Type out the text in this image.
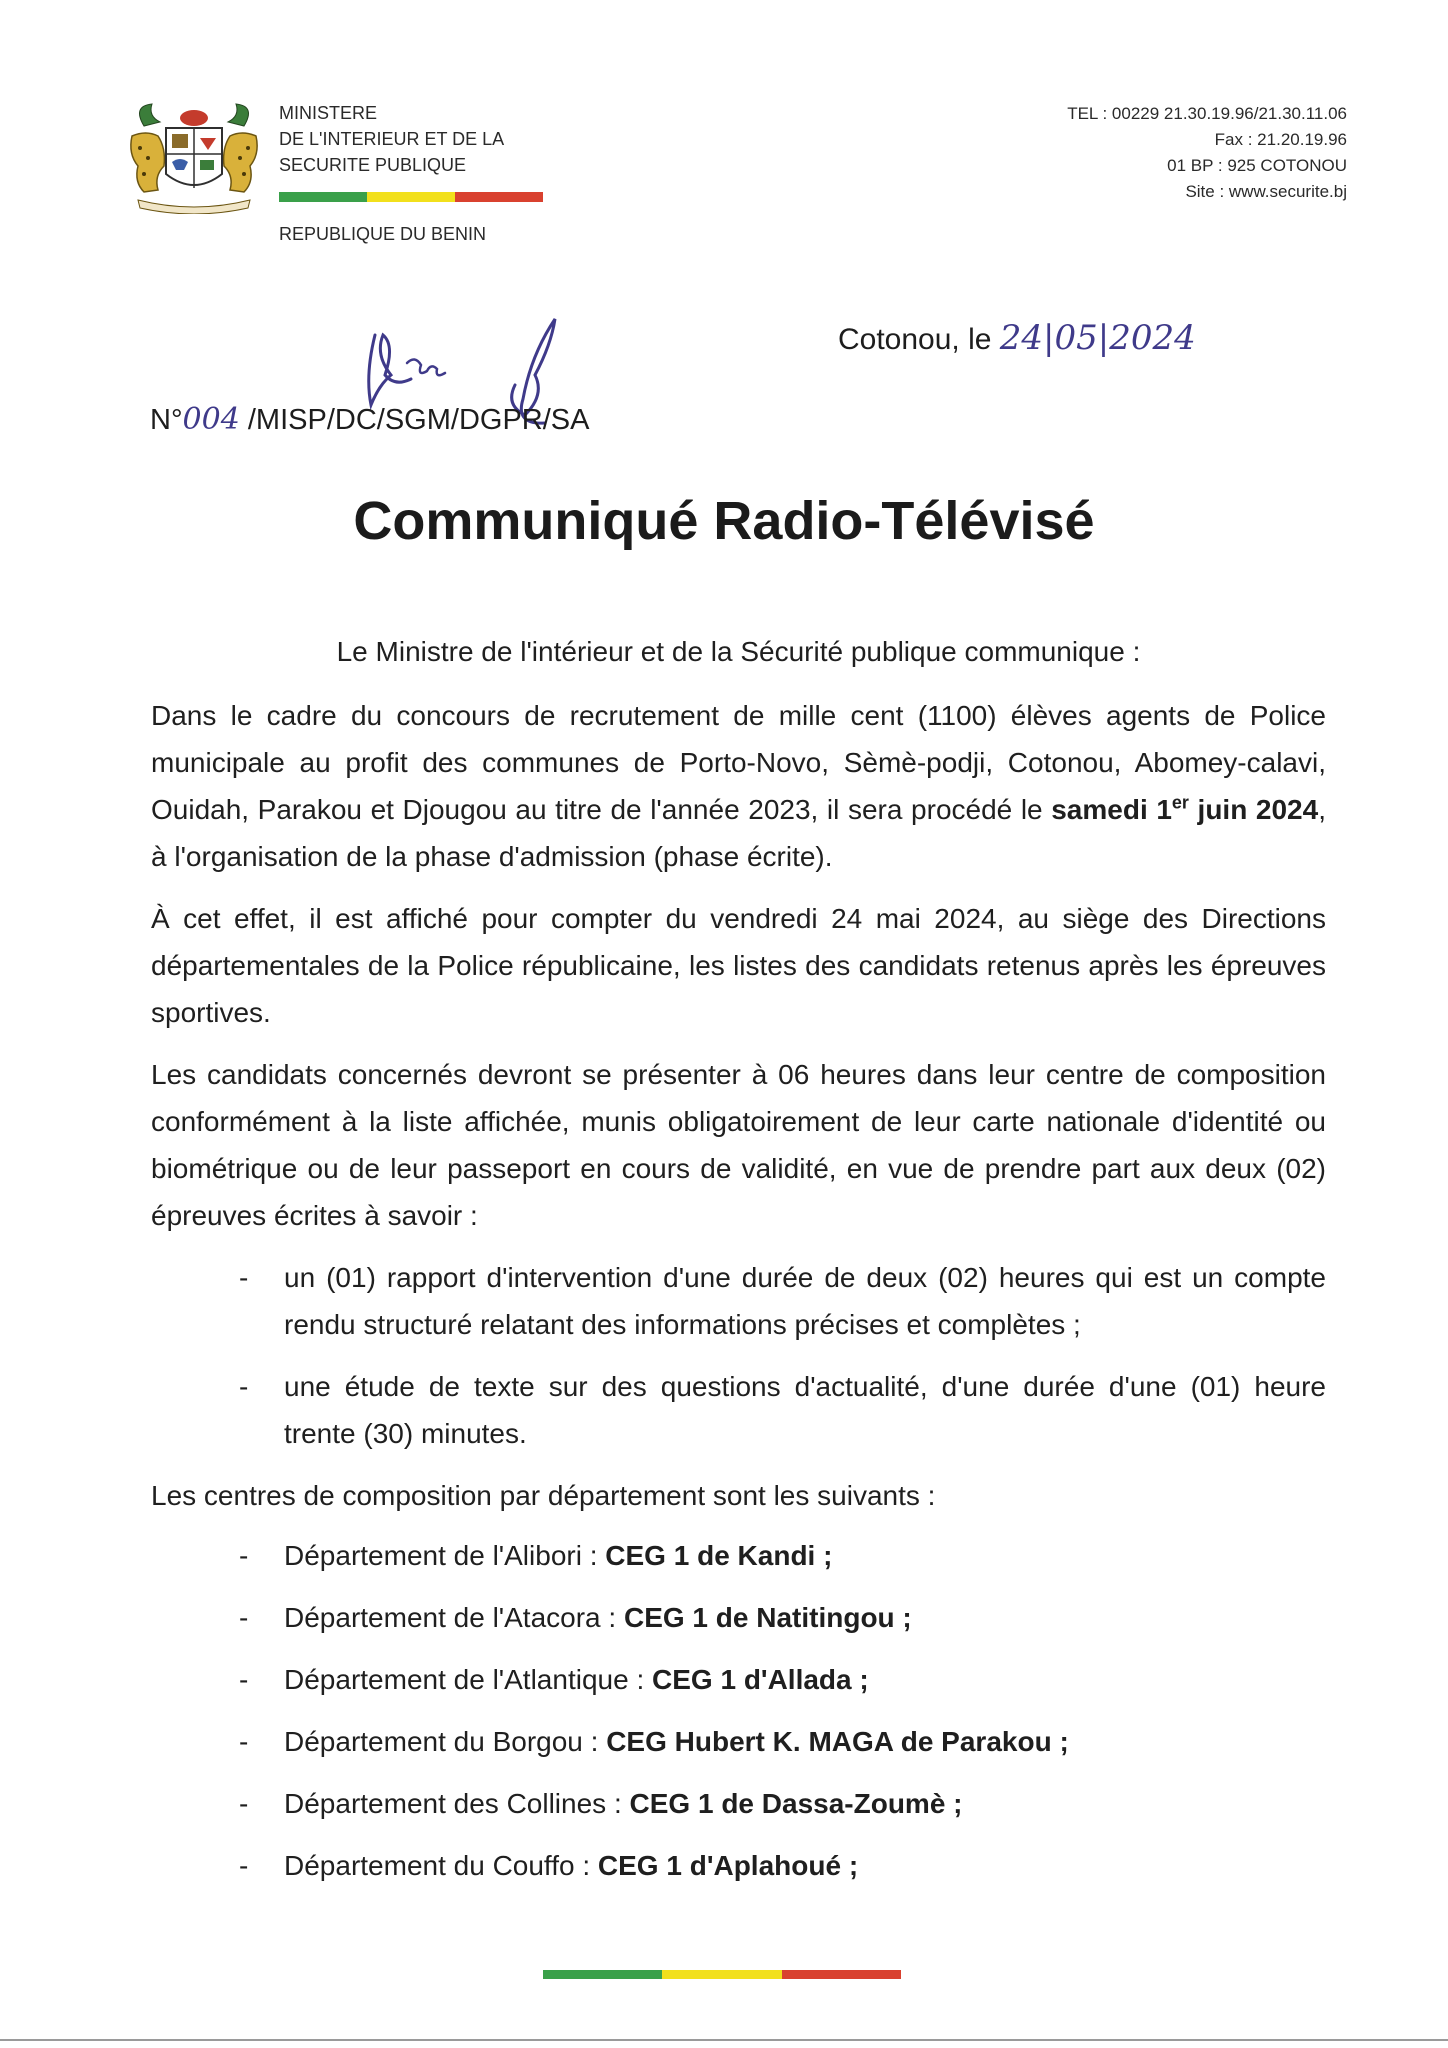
MINISTERE
DE L'INTERIEUR ET DE LA
SECURITE PUBLIQUE
REPUBLIQUE DU BENIN
TEL : 00229 21.30.19.96/21.30.11.06
Fax : 21.20.19.96
01 BP : 925 COTONOU
Site : www.securite.bj
Cotonou, le 24|05|2024
N°004 /MISP/DC/SGM/DGPR/SA
Communiqué Radio-Télévisé

Le Ministre de l'intérieur et de la Sécurité publique communique :

Dans le cadre du concours de recrutement de mille cent (1100) élèves agents de Police municipale au profit des communes de Porto-Novo, Sèmè-podji, Cotonou, Abomey-calavi, Ouidah, Parakou et Djougou au titre de l'année 2023, il sera procédé le samedi 1er juin 2024, à l'organisation de la phase d'admission (phase écrite).

À cet effet, il est affiché pour compter du vendredi 24 mai 2024, au siège des Directions départementales de la Police républicaine, les listes des candidats retenus après les épreuves sportives.

Les candidats concernés devront se présenter à 06 heures dans leur centre de composition conformément à la liste affichée, munis obligatoirement de leur carte nationale d'identité ou biométrique ou de leur passeport en cours de validité, en vue de prendre part aux deux (02) épreuves écrites à savoir :

- un (01) rapport d'intervention d'une durée de deux (02) heures qui est un compte rendu structuré relatant des informations précises et complètes ;
- une étude de texte sur des questions d'actualité, d'une durée d'une (01) heure trente (30) minutes.

Les centres de composition par département sont les suivants :

- Département de l'Alibori : CEG 1 de Kandi ;
- Département de l'Atacora : CEG 1 de Natitingou ;
- Département de l'Atlantique : CEG 1 d'Allada ;
- Département du Borgou : CEG Hubert K. MAGA de Parakou ;
- Département des Collines : CEG 1 de Dassa-Zoumè ;
- Département du Couffo : CEG 1 d'Aplahoué ;
